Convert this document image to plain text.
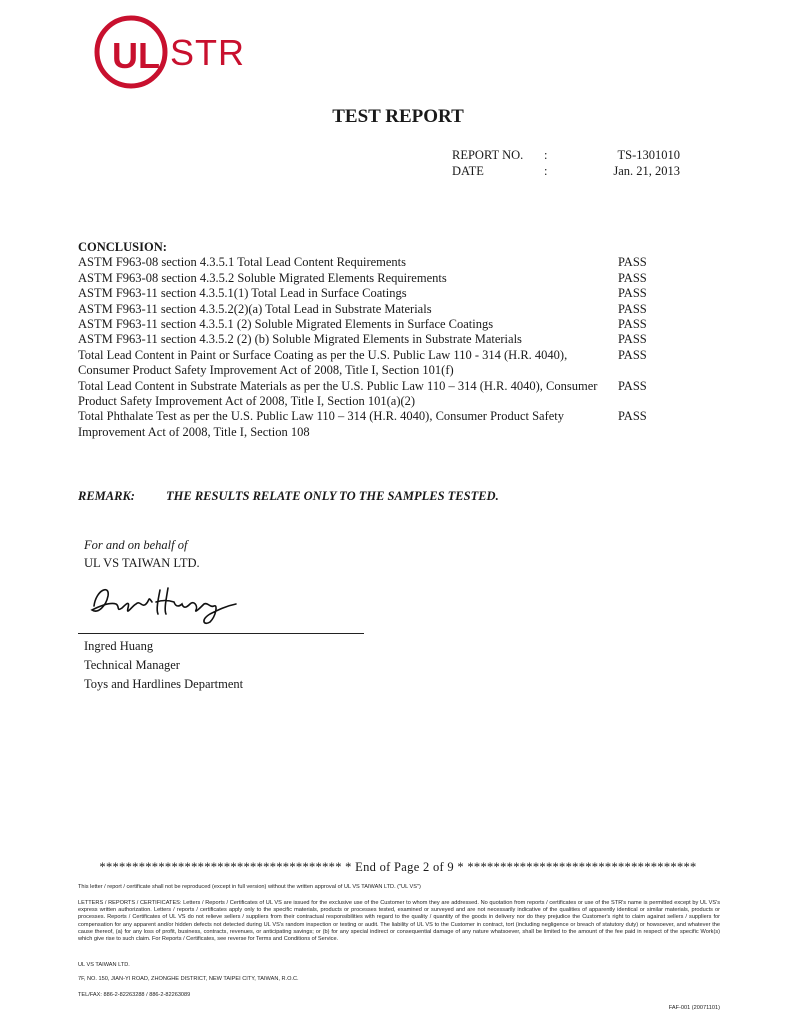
UL STR
TEST REPORT
REPORT NO.	:	TS-1301010
DATE	:	Jan. 21, 2013
CONCLUSION:
ASTM F963-08 section 4.3.5.1 Total Lead Content Requirements	PASS
ASTM F963-08 section 4.3.5.2 Soluble Migrated Elements Requirements	PASS
ASTM F963-11 section 4.3.5.1(1) Total Lead in Surface Coatings	PASS
ASTM F963-11 section 4.3.5.2(2)(a) Total Lead in Substrate Materials	PASS
ASTM F963-11 section 4.3.5.1 (2) Soluble Migrated Elements in Surface Coatings	PASS
ASTM F963-11 section 4.3.5.2 (2) (b) Soluble Migrated Elements in Substrate Materials	PASS
Total Lead Content in Paint or Surface Coating as per the U.S. Public Law 110 - 314 (H.R. 4040), Consumer Product Safety Improvement Act of 2008, Title I, Section 101(f)
PASS
Total Lead Content in Substrate Materials as per the U.S. Public Law 110 – 314 (H.R. 4040), Consumer Product Safety Improvement Act of 2008, Title I, Section 101(a)(2)
PASS
Total Phthalate Test as per the U.S. Public Law 110 – 314 (H.R. 4040), Consumer Product Safety Improvement Act of 2008, Title I, Section 108
PASS
REMARK: THE RESULTS RELATE ONLY TO THE SAMPLES TESTED.
For and on behalf of
UL VS TAIWAN LTD.
Ingred Huang
Technical Manager
Toys and Hardlines Department
************************************* * End of Page 2 of 9 * ***********************************
This letter / report / certificate shall not be reproduced (except in full version) without the written approval of UL VS TAIWAN LTD. ("UL VS")
LETTERS / REPORTS / CERTIFICATES: Letters / Reports / Certificates of UL VS are issued for the exclusive use of the Customer to whom they are addressed. No quotation from reports / certificates or use of the STR's name is permitted except by UL VS's express written authorization. Letters / reports / certificates apply only to the specific materials, products or processes tested, examined or surveyed and are not necessarily indicative of the qualities of apparently identical or similar materials, products or processes. Reports / Certificates of UL VS do not relieve sellers / suppliers from their contractual responsibilities with regard to the quality / quantity of the goods in delivery nor do they prejudice the Customer's right to claim against sellers / suppliers for compensation for any apparent and/or hidden defects not detected during UL VS's random inspection or testing or audit. The liability of UL VS to the Customer in contract, tort (including negligence or breach of statutory duty) or howsoever, and whatever the cause thereof, (a) for any loss of profit, business, contracts, revenues, or anticipating savings; or (b) for any special indirect or consequential damage of any nature whatsoever, shall be limited to the amount of the fee paid in respect of the specific Work(s) which give rise to such claim. For Reports / Certificates, see reverse for Terms and Conditions of Service.
UL VS TAIWAN LTD.
7F, NO. 150, JIAN-YI ROAD, ZHONGHE DISTRICT, NEW TAIPEI CITY, TAIWAN, R.O.C.
TEL/FAX: 886-2-82263288 / 886-2-82263089
FAF-001 (20071101)
